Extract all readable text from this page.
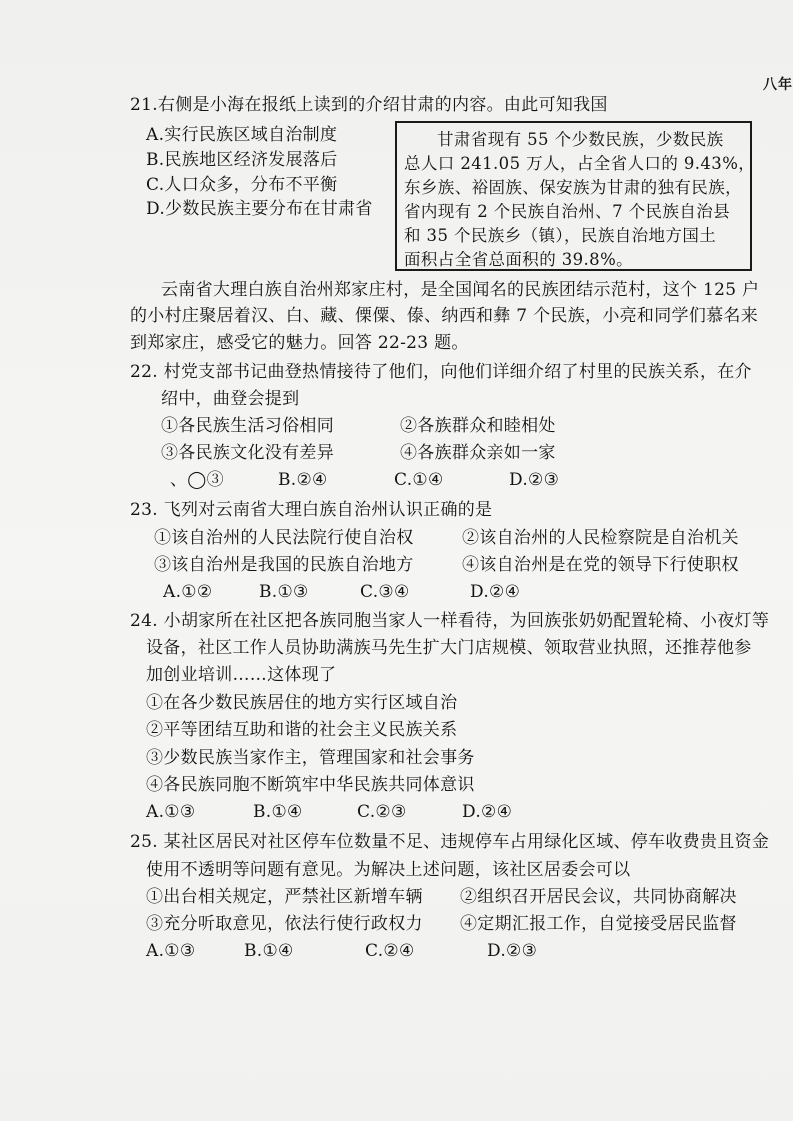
八年
21.右侧是小海在报纸上读到的介绍甘肃的内容。由此可知我国
A.实行民族区域自治制度
B.民族地区经济发展落后
C.人口众多，分布不平衡
D.少数民族主要分布在甘肃省
甘肃省现有 55 个少数民族，少数民族
总人口 241.05 万人，占全省人口的 9.43%，
东乡族、裕固族、保安族为甘肃的独有民族，
省内现有 2 个民族自治州、7 个民族自治县
和 35 个民族乡（镇），民族自治地方国土
面积占全省总面积的 39.8%。
云南省大理白族自治州郑家庄村，是全国闻名的民族团结示范村，这个 125 户
的小村庄聚居着汉、白、藏、傈僳、傣、纳西和彝 7 个民族，小亮和同学们慕名来
到郑家庄，感受它的魅力。回答 22-23 题。
22. 村党支部书记曲登热情接待了他们，向他们详细介绍了村里的民族关系，在介
绍中，曲登会提到
①各民族生活习俗相同	②各族群众和睦相处
③各民族文化没有差异	④各族群众亲如一家
、◯③	B.②④	C.①④	D.②③
23. 飞列对云南省大理白族自治州认识正确的是
①该自治州的人民法院行使自治权	②该自治州的人民检察院是自治机关
③该自治州是我国的民族自治地方	④该自治州是在党的领导下行使职权
A.①②	B.①③	C.③④	D.②④
24. 小胡家所在社区把各族同胞当家人一样看待，为回族张奶奶配置轮椅、小夜灯等
设备，社区工作人员协助满族马先生扩大门店规模、领取营业执照，还推荐他参
加创业培训……这体现了
①在各少数民族居住的地方实行区域自治
②平等团结互助和谐的社会主义民族关系
③少数民族当家作主，管理国家和社会事务
④各民族同胞不断筑牢中华民族共同体意识
A.①③	B.①④	C.②③	D.②④
25. 某社区居民对社区停车位数量不足、违规停车占用绿化区域、停车收费贵且资金
使用不透明等问题有意见。为解决上述问题，该社区居委会可以
①出台相关规定，严禁社区新增车辆 ②组织召开居民会议，共同协商解决
③充分听取意见，依法行使行政权力 ④定期汇报工作，自觉接受居民监督
A.①③	B.①④	C.②④	D.②③
